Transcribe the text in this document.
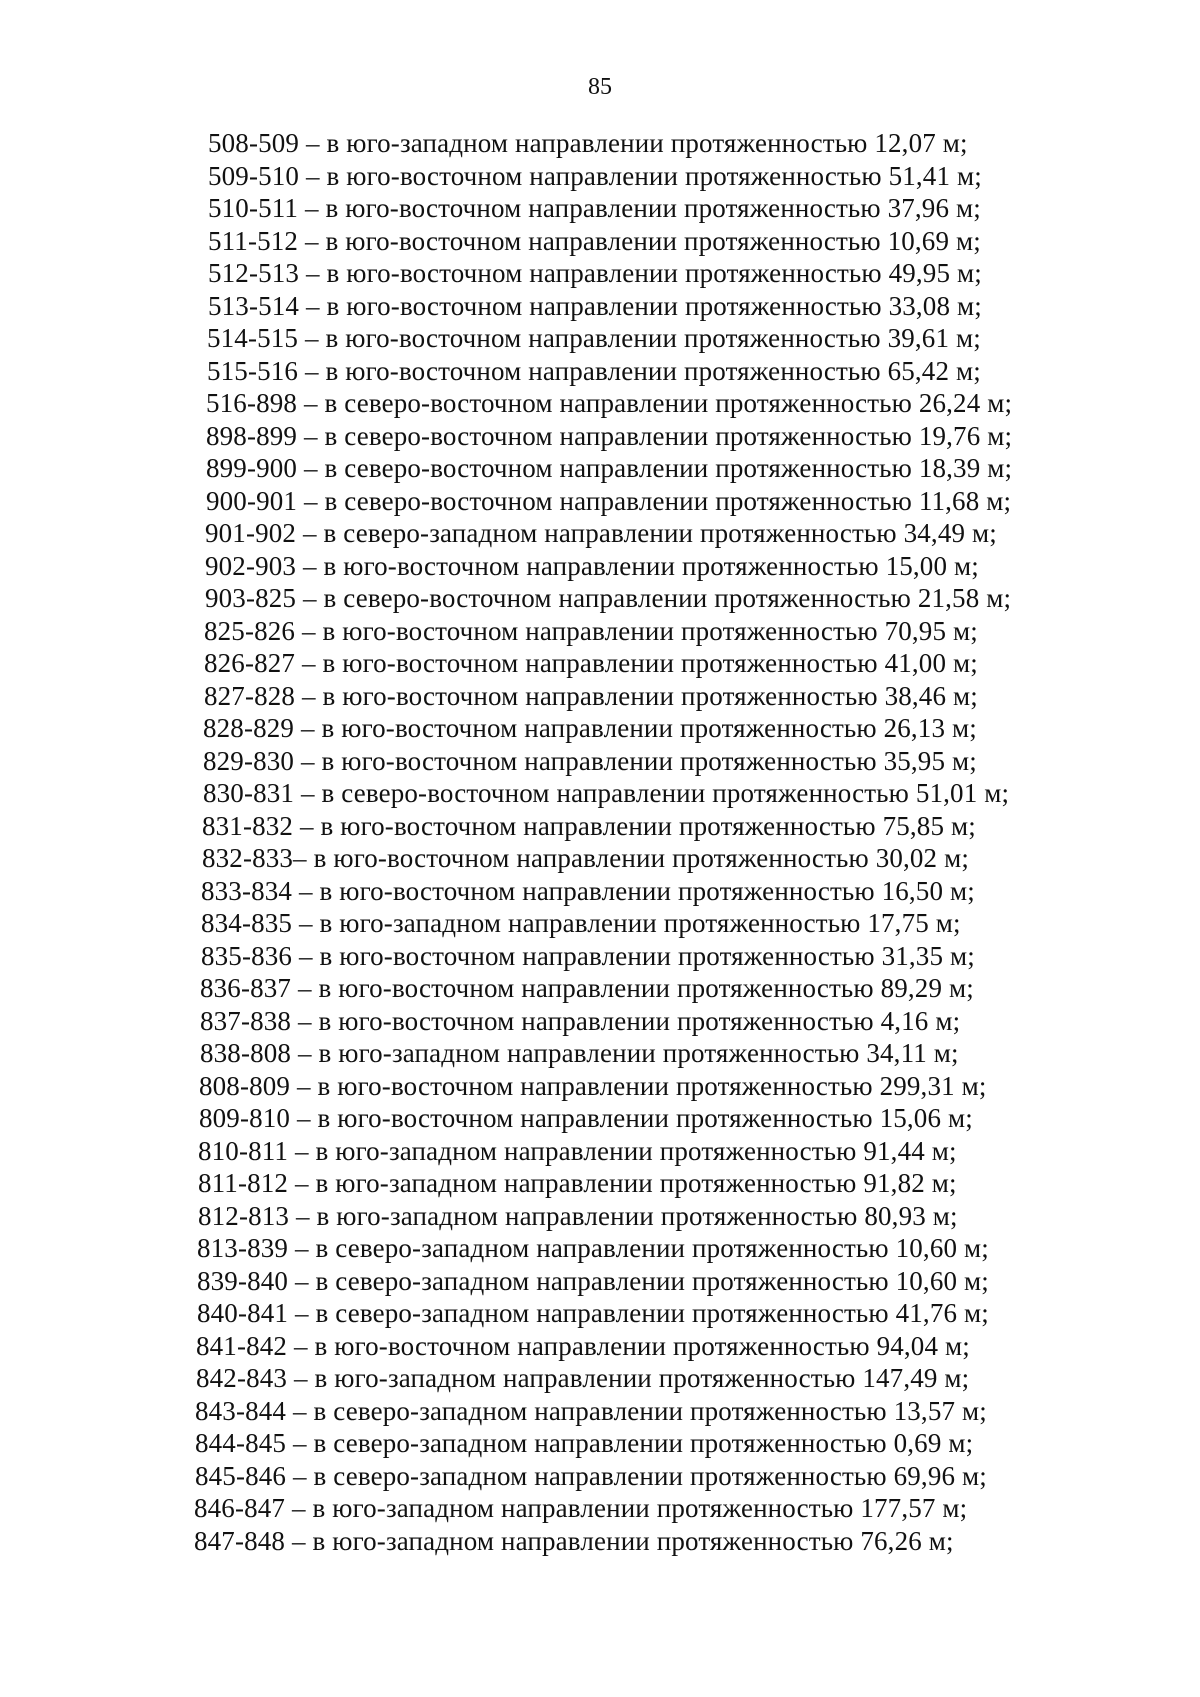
85
508-509 – в юго-западном направлении протяженностью 12,07 м;
509-510 – в юго-восточном направлении протяженностью 51,41 м;
510-511 – в юго-восточном направлении протяженностью 37,96 м;
511-512 – в юго-восточном направлении протяженностью 10,69 м;
512-513 – в юго-восточном направлении протяженностью 49,95 м;
513-514 – в юго-восточном направлении протяженностью 33,08 м;
514-515 – в юго-восточном направлении протяженностью 39,61 м;
515-516 – в юго-восточном направлении протяженностью 65,42 м;
516-898 – в северо-восточном направлении протяженностью 26,24 м;
898-899 – в северо-восточном направлении протяженностью 19,76 м;
899-900 – в северо-восточном направлении протяженностью 18,39 м;
900-901 – в северо-восточном направлении протяженностью 11,68 м;
901-902 – в северо-западном направлении протяженностью 34,49 м;
902-903 – в юго-восточном направлении протяженностью 15,00 м;
903-825 – в северо-восточном направлении протяженностью 21,58 м;
825-826 – в юго-восточном направлении протяженностью 70,95 м;
826-827 – в юго-восточном направлении протяженностью 41,00 м;
827-828 – в юго-восточном направлении протяженностью 38,46 м;
828-829 – в юго-восточном направлении протяженностью 26,13 м;
829-830 – в юго-восточном направлении протяженностью 35,95 м;
830-831 – в северо-восточном направлении протяженностью 51,01 м;
831-832 – в юго-восточном направлении протяженностью 75,85 м;
832-833– в юго-восточном направлении протяженностью 30,02 м;
833-834 – в юго-восточном направлении протяженностью 16,50 м;
834-835 – в юго-западном направлении протяженностью 17,75 м;
835-836 – в юго-восточном направлении протяженностью 31,35 м;
836-837 – в юго-восточном направлении протяженностью 89,29 м;
837-838 – в юго-восточном направлении протяженностью 4,16 м;
838-808 – в юго-западном направлении протяженностью 34,11 м;
808-809 – в юго-восточном направлении протяженностью 299,31 м;
809-810 – в юго-восточном направлении протяженностью 15,06 м;
810-811 – в юго-западном направлении протяженностью 91,44 м;
811-812 – в юго-западном направлении протяженностью 91,82 м;
812-813 – в юго-западном направлении протяженностью 80,93 м;
813-839 – в северо-западном направлении протяженностью 10,60 м;
839-840 – в северо-западном направлении протяженностью 10,60 м;
840-841 – в северо-западном направлении протяженностью 41,76 м;
841-842 – в юго-восточном направлении протяженностью 94,04 м;
842-843 – в юго-западном направлении протяженностью 147,49 м;
843-844 – в северо-западном направлении протяженностью 13,57 м;
844-845 – в северо-западном направлении протяженностью 0,69 м;
845-846 – в северо-западном направлении протяженностью 69,96 м;
846-847 – в юго-западном направлении протяженностью 177,57 м;
847-848 – в юго-западном направлении протяженностью 76,26 м;
